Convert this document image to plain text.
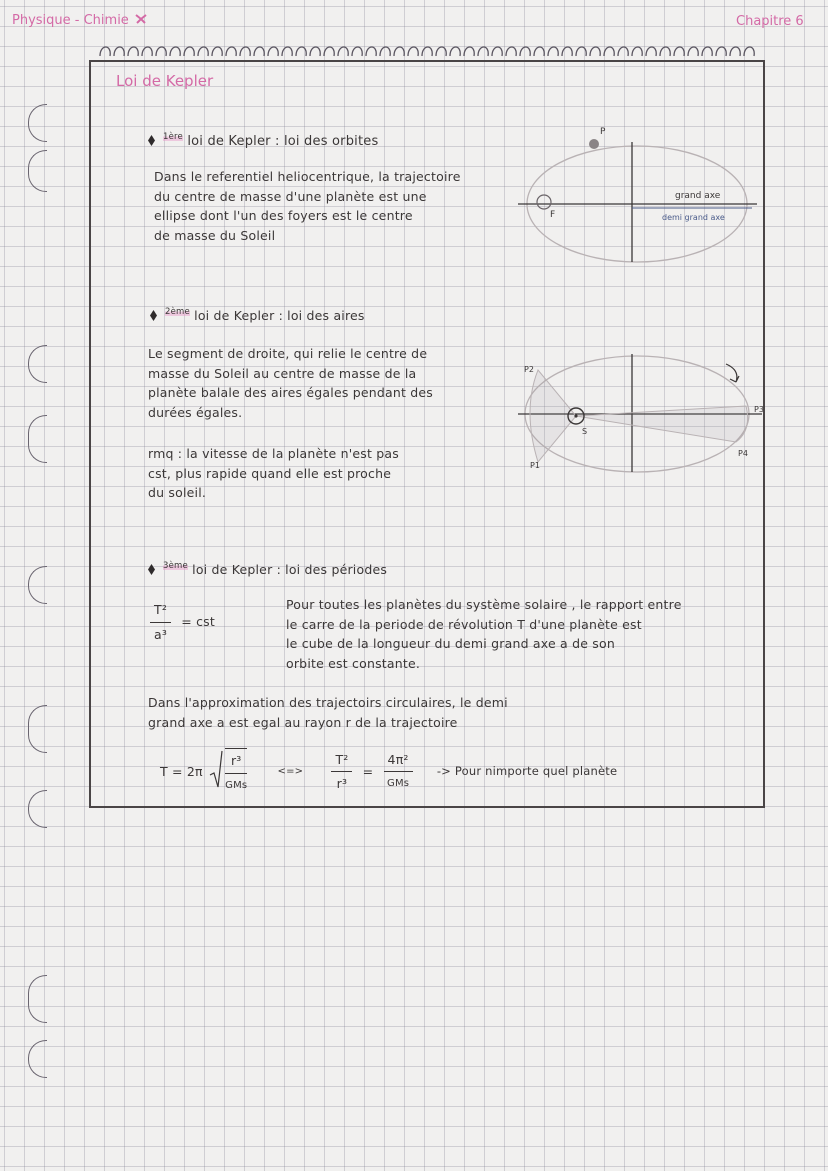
Physique - Chimie	Chapitre 6
Loi de Kepler
$^{1ère}$ loi de Kepler : loi des orbites
Dans le referentiel heliocentrique, la trajectoire
du centre de masse d'une planète est une
ellipse dont l'un des foyers est le centre
de masse du Soleil
P
F
grand axe
demi grand axe
$^{2ème}$ loi de Kepler : loi des aires
Le segment de droite, qui relie le centre de
masse du Soleil au centre de masse de la
planète balale des aires égales pendant des
durées égales.
rmq : la vitesse de la planète n'est pas
cst, plus rapide quand elle est proche
du soleil.
P2
P1
P3
P4
S
$^{3ème}$ loi de Kepler : loi des périodes
$\frac{\text{T²}}{\text{a³}}$ = cst
Pour toutes les planètes du système solaire , le rapport entre
le carre de la periode de révolution T d'une planète est
le cube de la longueur du demi grand axe a de son
orbite est constante.
Dans l'approximation des trajectoirs circulaires, le demi
grand axe a est egal au rayon r de la trajectoire
$T = 2\pi \frac{\text{r³}}{\text{GMs}}$	<=> $\frac{\text{T²}}{\text{r³}} = \frac{\text{4π²}}{\text{GMs}}$ -> Pour nimporte quel planète
